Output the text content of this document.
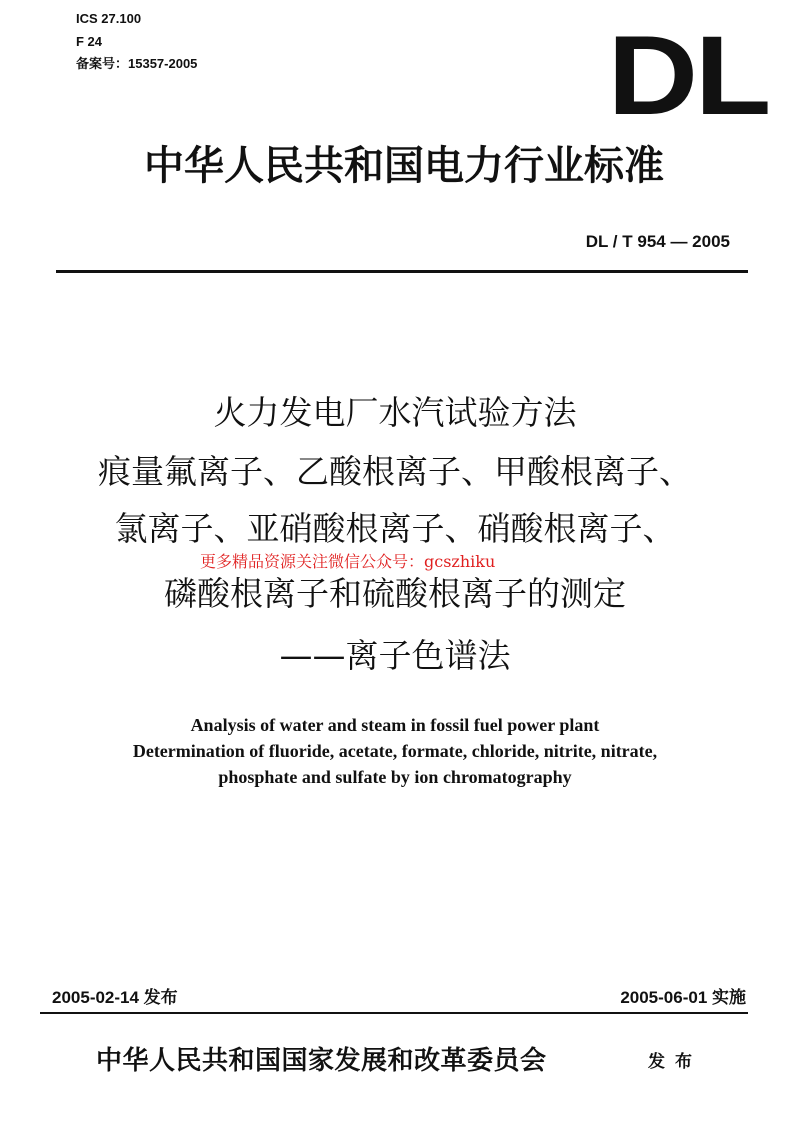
ICS 27.100
F 24
备案号：15357-2005	DL
中华人民共和国电力行业标准
DL / T 954 — 2005
火力发电厂水汽试验方法
痕量氟离子、乙酸根离子、甲酸根离子、
氯离子、亚硝酸根离子、硝酸根离子、
更多精品资源关注微信公众号：gcszhiku
磷酸根离子和硫酸根离子的测定
——离子色谱法
Analysis of water and steam in fossil fuel power plant
Determination of fluoride, acetate, formate, chloride, nitrite, nitrate,
phosphate and sulfate by ion chromatography
2005-02-14 发布	2005-06-01 实施
中华人民共和国国家发展和改革委员会	发布
